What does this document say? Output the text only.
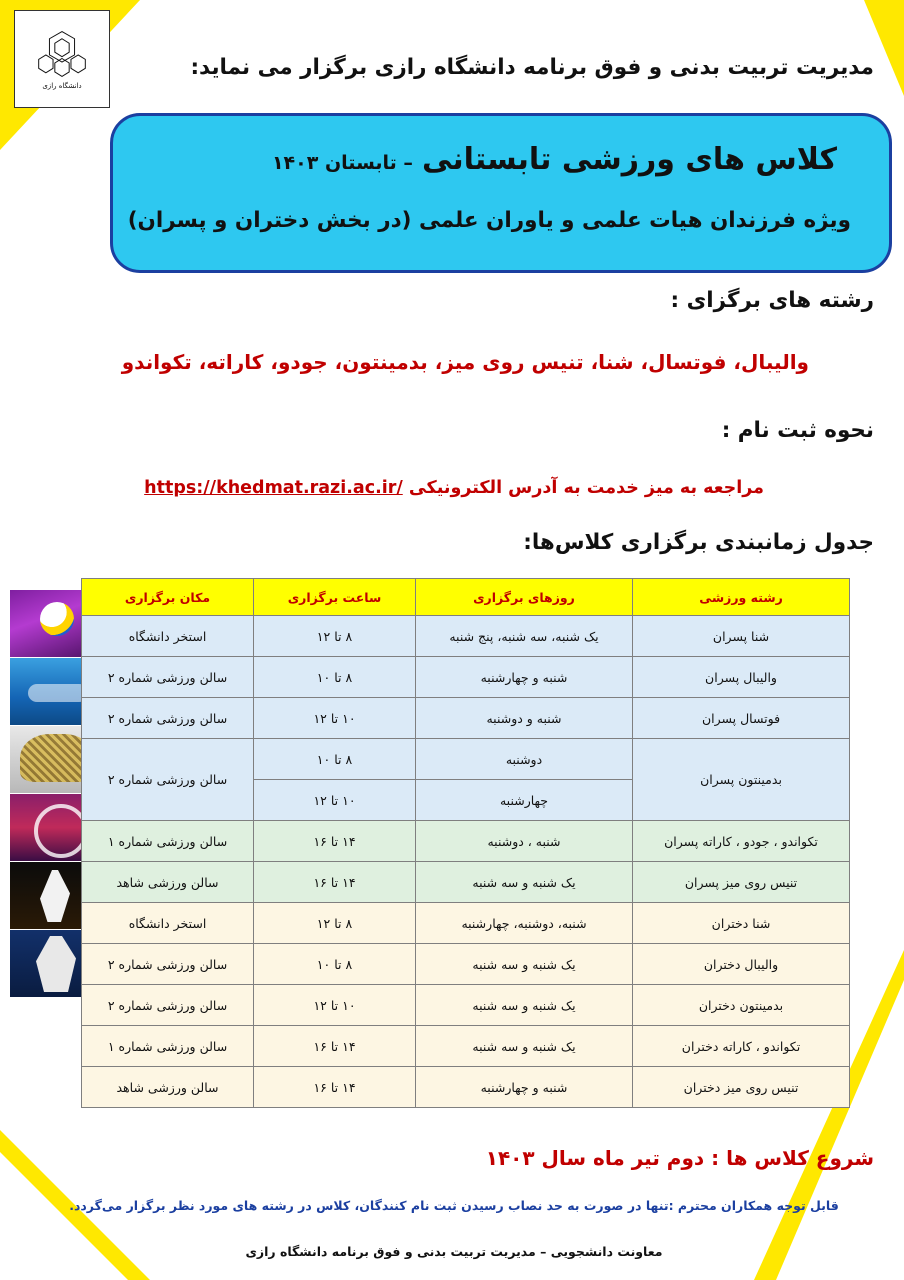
دانشگاه رازی
مدیریت تربیت بدنی و فوق برنامه دانشگاه رازی برگزار می نماید:
کلاس های ورزشی تابستانی – تابستان ۱۴۰۳
ویژه فرزندان هیات علمی و یاوران علمی (در بخش دختران و پسران)
رشته های برگزای :
والیبال، فوتسال، شنا، تنیس روی میز، بدمینتون، جودو، کاراته، تکواندو
نحوه ثبت نام :
مراجعه به میز خدمت به آدرس الکترونیکی https://khedmat.razi.ac.ir/
جدول زمانبندی برگزاری کلاس‌ها:
رشته ورزشی	روزهای برگزاری	ساعت برگزاری	مکان برگزاری
شنا پسران	یک شنبه، سه شنبه، پنج شنبه	۸ تا ۱۲	استخر دانشگاه
والیبال پسران	شنبه و چهارشنبه	۸ تا ۱۰	سالن ورزشی شماره ۲
فوتسال پسران	شنبه و دوشنبه	۱۰ تا ۱۲	سالن ورزشی شماره ۲
بدمینتون پسران	دوشنبه	۸ تا ۱۰	سالن ورزشی شماره ۲
	چهارشنبه	۱۰ تا ۱۲	
تکواندو ، جودو ، کاراته پسران	شنبه ، دوشنبه	۱۴ تا ۱۶	سالن ورزشی شماره ۱
تنیس روی میز پسران	یک شنبه و سه شنبه	۱۴ تا ۱۶	سالن ورزشی شاهد
شنا دختران	شنبه، دوشنبه، چهارشنبه	۸ تا ۱۲	استخر دانشگاه
والیبال دختران	یک شنبه و سه شنبه	۸ تا ۱۰	سالن ورزشی شماره ۲
بدمینتون دختران	یک شنبه و سه شنبه	۱۰ تا ۱۲	سالن ورزشی شماره ۲
تکواندو ، کاراته دختران	یک شنبه و سه شنبه	۱۴ تا ۱۶	سالن ورزشی شماره ۱
تنیس روی میز دختران	شنبه و چهارشنبه	۱۴ تا ۱۶	سالن ورزشی شاهد
شروع کلاس ها : دوم تیر ماه سال ۱۴۰۳
قابل توجه همکاران محترم :تنها در صورت به حد نصاب رسیدن ثبت نام کنندگان، کلاس در رشته های مورد نظر برگزار می‌گردد.
معاونت دانشجویی – مدیریت تربیت بدنی و فوق برنامه دانشگاه رازی
